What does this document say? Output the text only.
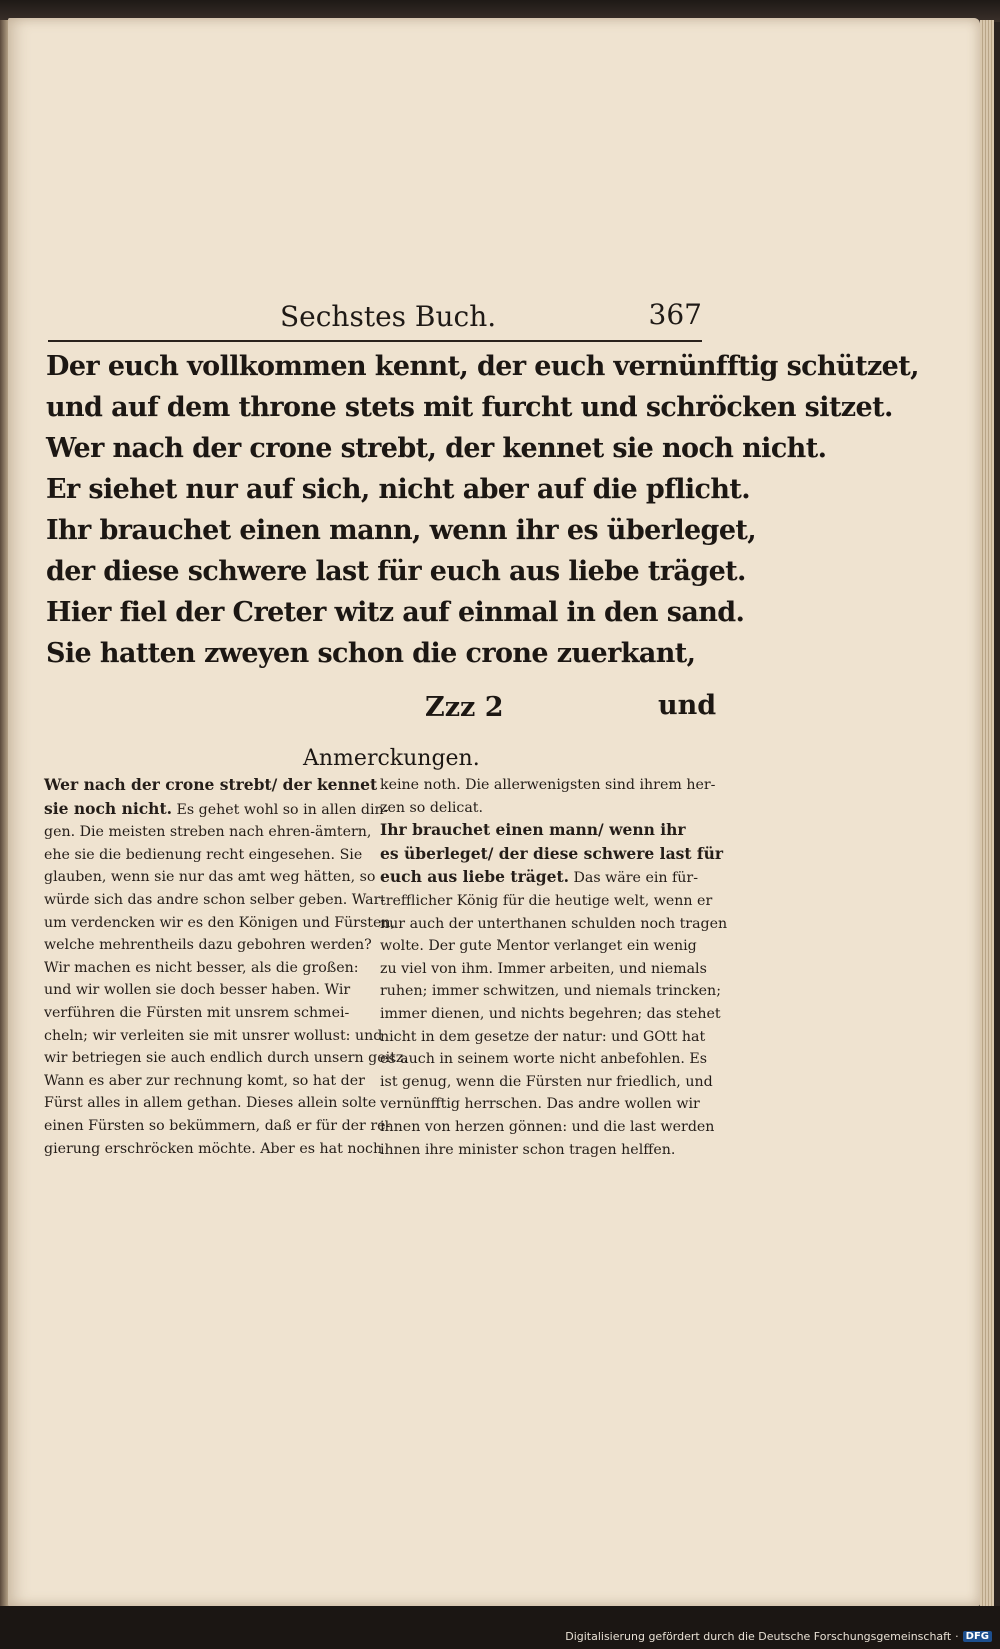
Sechstes Buch.	367
Der euch vollkommen kennt, der euch vernünfftig schützet,
und auf dem throne stets mit furcht und schröcken sitzet.
Wer nach der crone strebt, der kennet sie noch nicht.
Er siehet nur auf sich, nicht aber auf die pflicht.
Ihr brauchet einen mann, wenn ihr es überleget,
der diese schwere last für euch aus liebe träget.
Hier fiel der Creter witz auf einmal in den sand.
Sie hatten zweyen schon die crone zuerkant,
Zzz 2	und
Anmerckungen.
Wer nach der crone strebt/ der kennet
sie noch nicht. Es gehet wohl so in allen din-
gen. Die meisten streben nach ehren-ämtern,
ehe sie die bedienung recht eingesehen. Sie
glauben, wenn sie nur das amt weg hätten, so
würde sich das andre schon selber geben. War-
um verdencken wir es den Königen und Fürsten,
welche mehrentheils dazu gebohren werden?
Wir machen es nicht besser, als die großen:
und wir wollen sie doch besser haben. Wir
verführen die Fürsten mit unsrem schmei-
cheln; wir verleiten sie mit unsrer wollust: und
wir betriegen sie auch endlich durch unsern geitz.
Wann es aber zur rechnung komt, so hat der
Fürst alles in allem gethan. Dieses allein solte
einen Fürsten so bekümmern, daß er für der re-
gierung erschröcken möchte. Aber es hat noch
keine noth. Die allerwenigsten sind ihrem her-
zen so delicat.
Ihr brauchet einen mann/ wenn ihr
es überleget/ der diese schwere last für
euch aus liebe träget. Das wäre ein für-
trefflicher König für die heutige welt, wenn er
nur auch der unterthanen schulden noch tragen
wolte. Der gute Mentor verlanget ein wenig
zu viel von ihm. Immer arbeiten, und niemals
ruhen; immer schwitzen, und niemals trincken;
immer dienen, und nichts begehren; das stehet
nicht in dem gesetze der natur: und GOtt hat
es auch in seinem worte nicht anbefohlen. Es
ist genug, wenn die Fürsten nur friedlich, und
vernünfftig herrschen. Das andre wollen wir
ihnen von herzen gönnen: und die last werden
ihnen ihre minister schon tragen helffen.
Digitalisierung gefördert durch die Deutsche Forschungsgemeinschaft · DFG
